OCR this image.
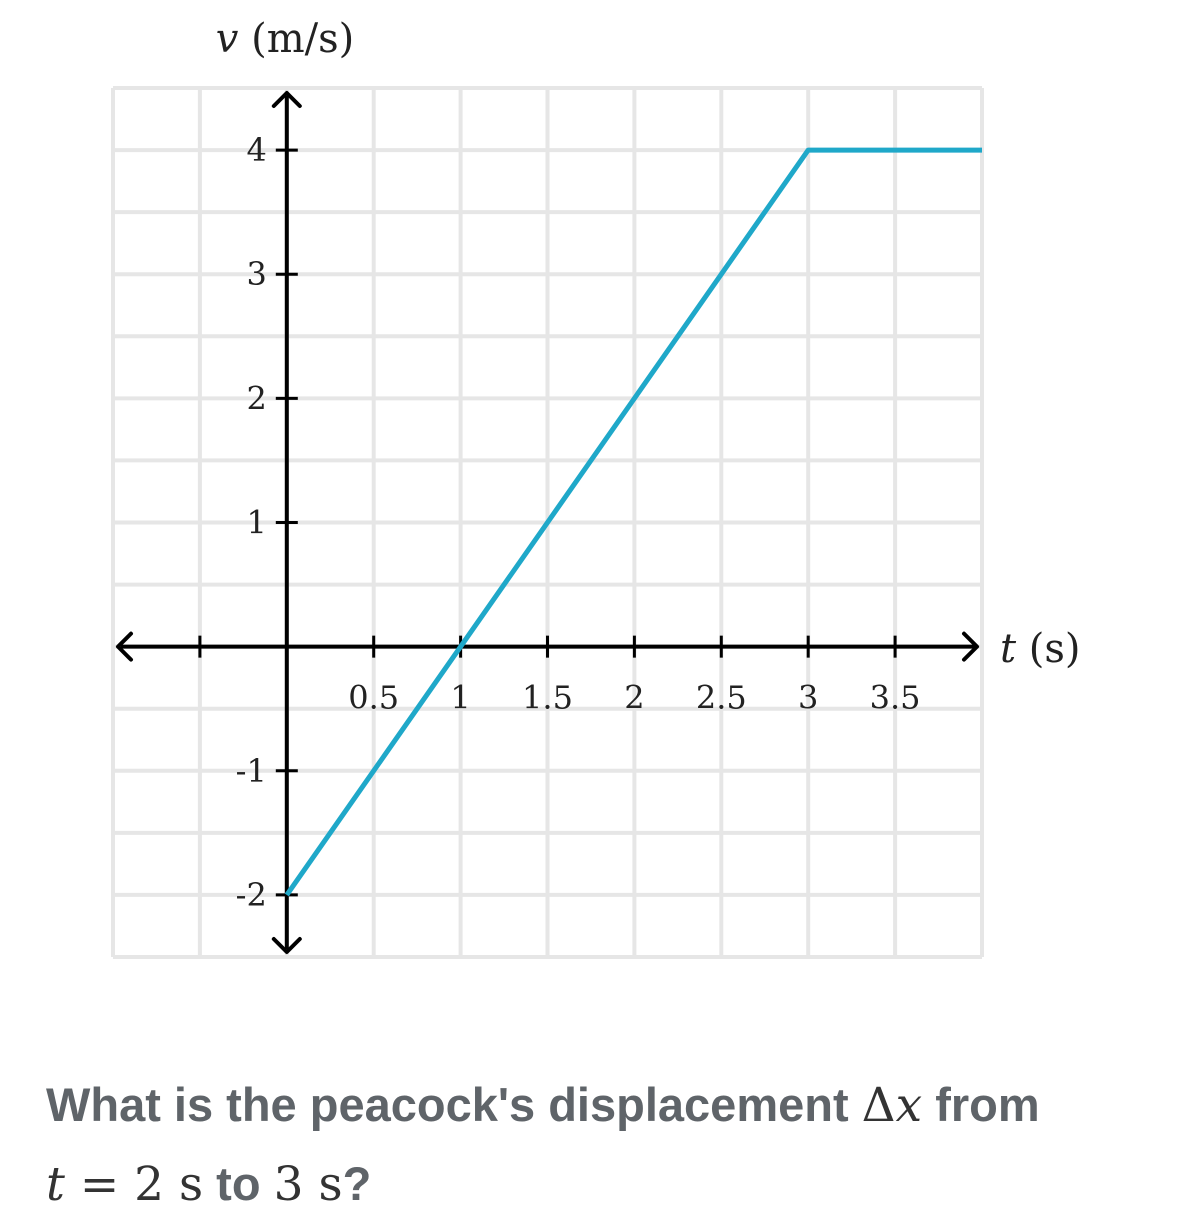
0.5 1 1.5 2 2.5 3 3.5
4
3
2
1
-1
-2
v (m/s)
t (s)
What is the peacock's displacement Δx from
t = 2 s to 3 s?
